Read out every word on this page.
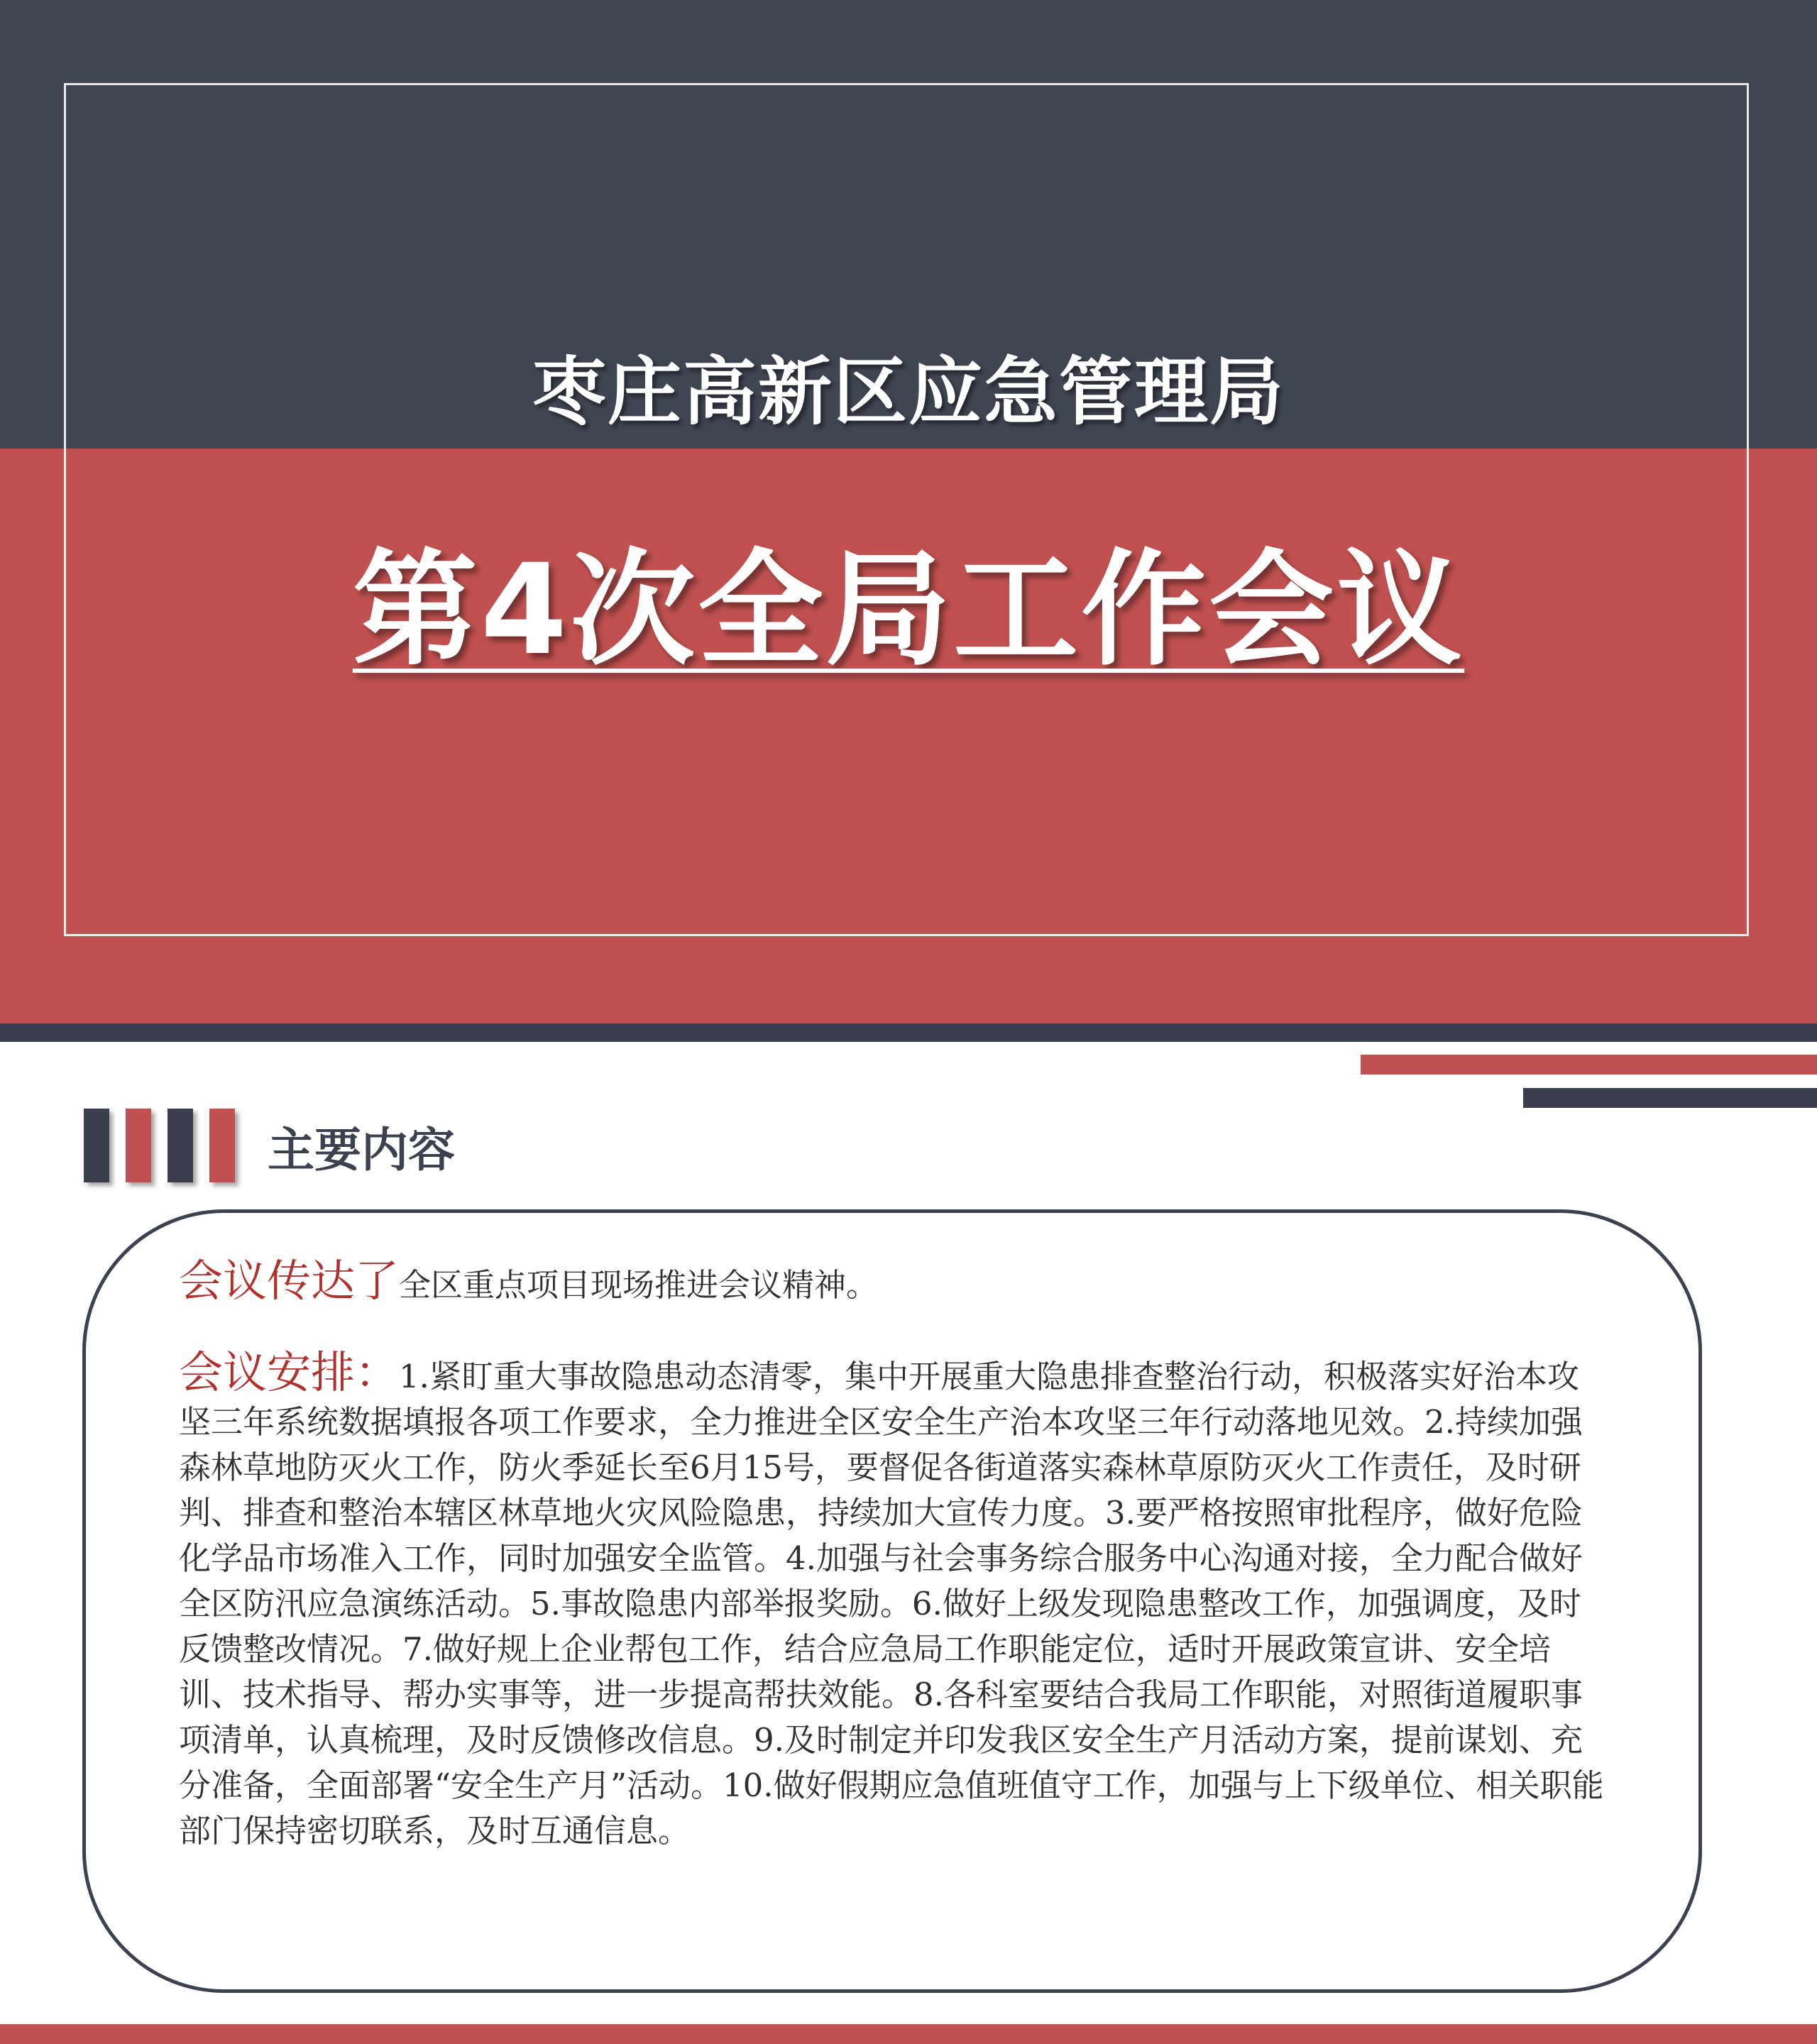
枣庄高新区应急管理局
第4次全局工作会议
主要内容
会议传达了全区重点项目现场推进会议精神。
会议安排：1.紧盯重大事故隐患动态清零，集中开展重大隐患排查整治行动，积极落实好治本攻坚三年系统数据填报各项工作要求，全力推进全区安全生产治本攻坚三年行动落地见效。2.持续加强森林草地防灭火工作，防火季延长至6月15号，要督促各街道落实森林草原防灭火工作责任，及时研判、排查和整治本辖区林草地火灾风险隐患，持续加大宣传力度。3.要严格按照审批程序，做好危险化学品市场准入工作，同时加强安全监管。4.加强与社会事务综合服务中心沟通对接，全力配合做好全区防汛应急演练活动。5.事故隐患内部举报奖励。6.做好上级发现隐患整改工作，加强调度，及时反馈整改情况。7.做好规上企业帮包工作，结合应急局工作职能定位，适时开展政策宣讲、安全培训、技术指导、帮办实事等，进一步提高帮扶效能。8.各科室要结合我局工作职能，对照街道履职事项清单，认真梳理，及时反馈修改信息。9.及时制定并印发我区安全生产月活动方案，提前谋划、充分准备，全面部署“安全生产月”活动。10.做好假期应急值班值守工作，加强与上下级单位、相关职能部门保持密切联系，及时互通信息。
